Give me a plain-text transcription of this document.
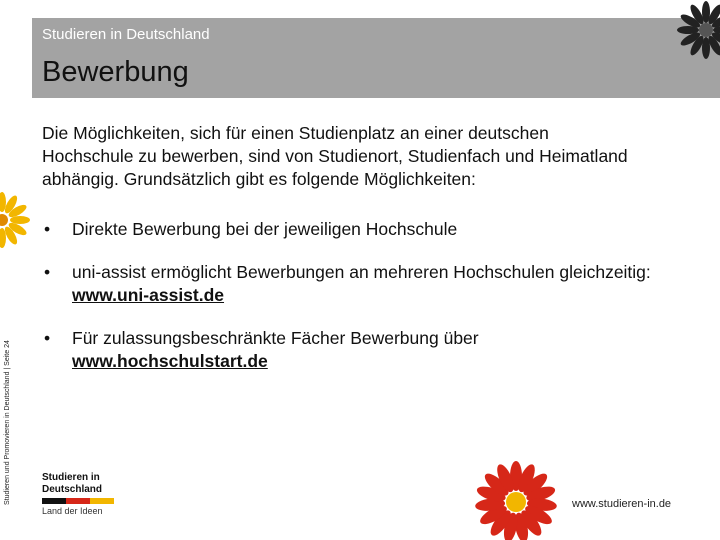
Studieren in Deutschland
Bewerbung
Die Möglichkeiten, sich für einen Studienplatz an einer deutschen Hochschule zu bewerben, sind von Studienort, Studienfach und Heimatland abhängig. Grundsätzlich gibt es folgende Möglichkeiten:
• Direkte Bewerbung bei der jeweiligen Hochschule
• uni-assist ermöglicht Bewerbungen an mehreren Hochschulen gleichzeitig: www.uni-assist.de
• Für zulassungsbeschränkte Fächer Bewerbung über www.hochschulstart.de
Studieren und Promovieren in Deutschland | Seite 24	Studieren in
Deutschland
Land der Ideen
www.studieren-in.de
